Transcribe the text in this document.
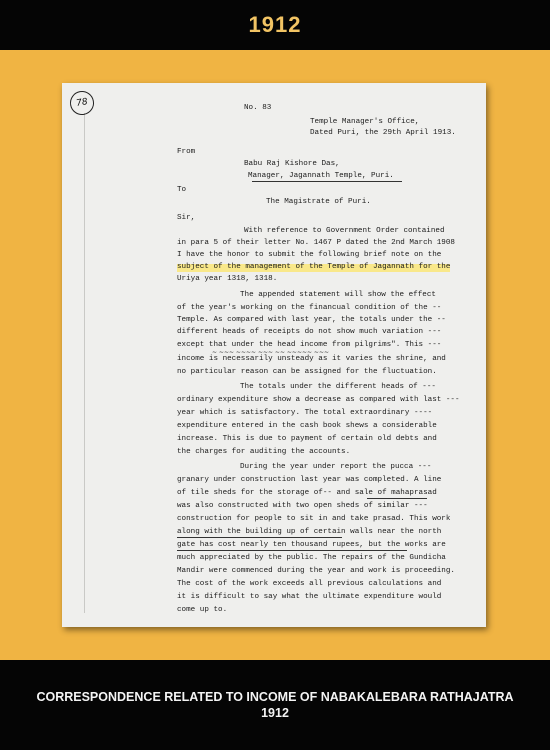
1912
78	No. 83
Temple Manager's Office,
Dated Puri, the 29th April 1913.
From
Babu Raj Kishore Das,
Manager, Jagannath Temple, Puri.
To
The Magistrate of Puri.
Sir,
With reference to Government Order contained
in para 5 of their letter No. 1467 P dated the 2nd March 1908
I have the honor to submit the following brief note on the
subject of the management of the Temple of Jagannath for the
Uriya year 1318, 1318.
The appended statement will show the effect
of the year's working on the financual condition of the --
Temple. As compared with last year, the totals under the --
different heads of receipts do not show much variation ---
except that under the head income from pilgrims". This ---
~ ~~~ ~~~~ ~~~ ~~ ~~~~~ ~~~
income is necessarily unsteady as it varies the shrine, and
no particular reason can be assigned for the fluctuation.
The totals under the different heads of ---
ordinary expenditure show a decrease as compared with last ---
year which is satisfactory. The total extraordinary ----
expenditure entered in the cash book shews a considerable
increase. This is due to payment of certain old debts and
the charges for auditing the accounts.
During the year under report the pucca ---
granary under construction last year was completed. A line
of tile sheds for the storage of-- and sale of mahaprasad
was also constructed with two open sheds of similar ---
construction for people to sit in and take prasad. This work
along with the building up of certain walls near the north
gate has cost nearly ten thousand rupees, but the works are
much appreciated by the public. The repairs of the Gundicha
Mandir were commenced during the year and work is proceeding.
The cost of the work exceeds all previous calculations and
it is difficult to say what the ultimate expenditure would
come up to.
CORRESPONDENCE RELATED TO INCOME OF NABAKALEBARA RATHAJATRA
1912
